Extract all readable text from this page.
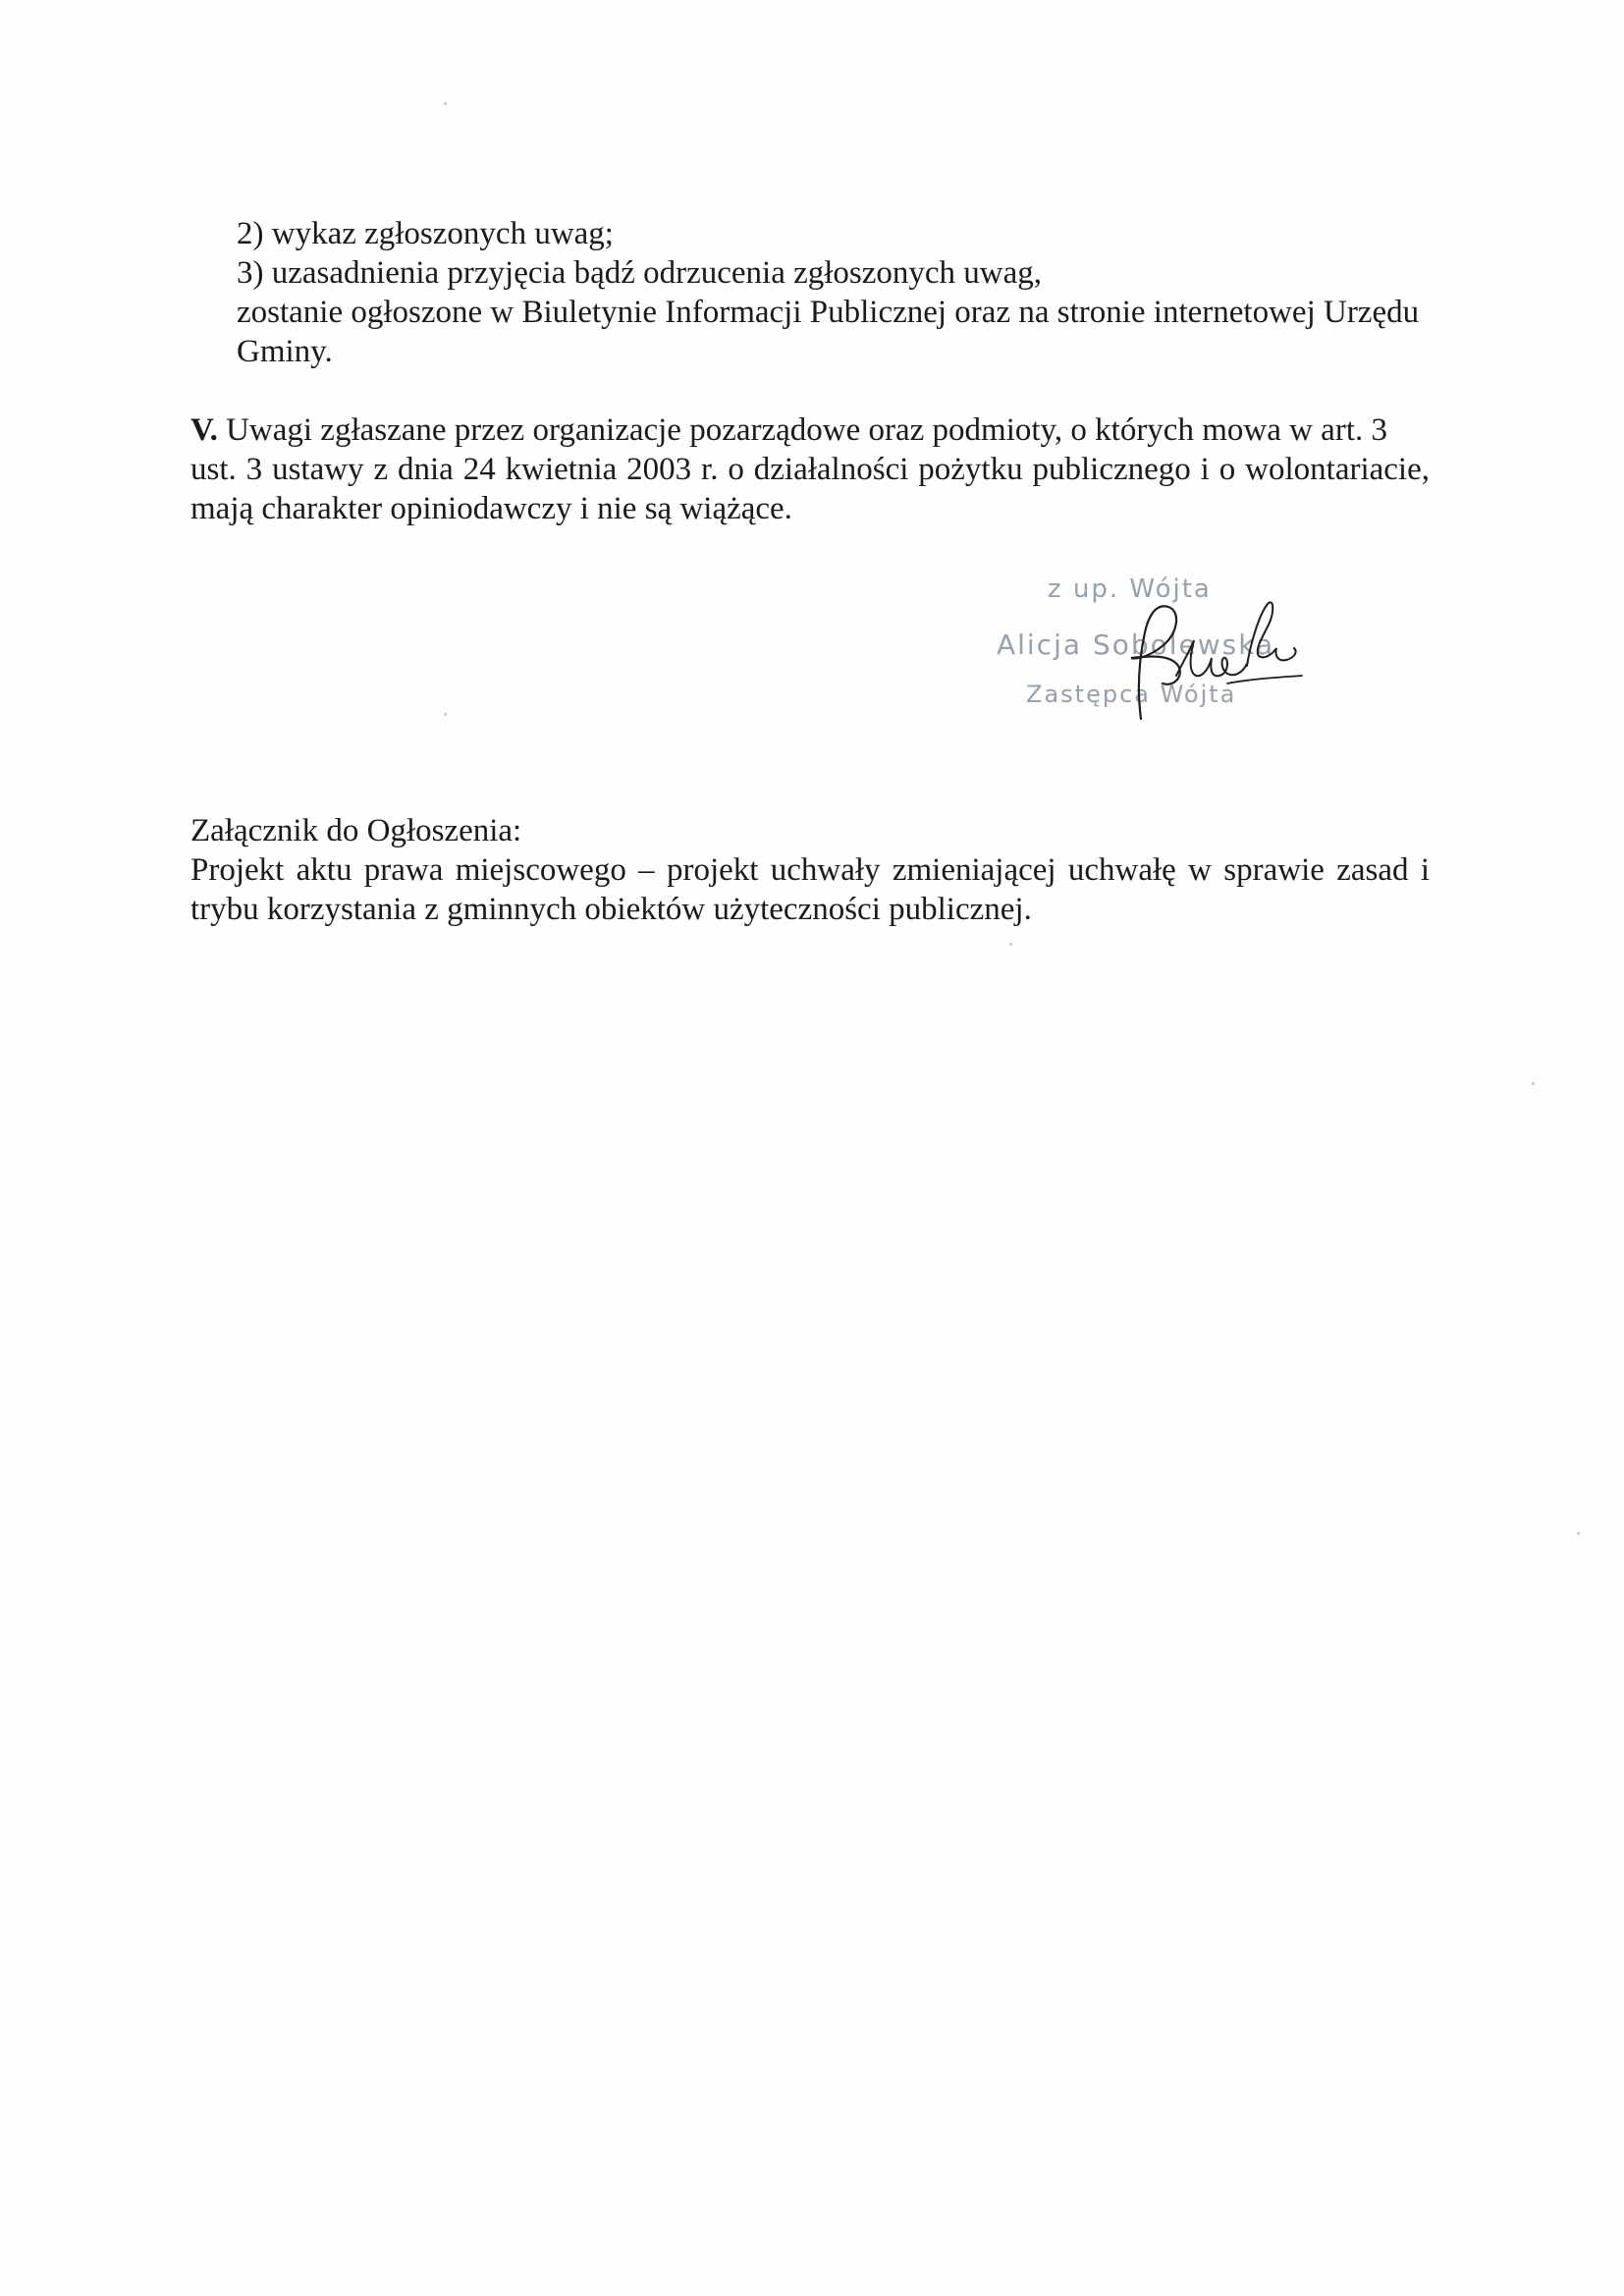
2) wykaz zgłoszonych uwag;
3) uzasadnienia przyjęcia bądź odrzucenia zgłoszonych uwag,
zostanie ogłoszone w Biuletynie Informacji Publicznej oraz na stronie internetowej Urzędu
Gminy.
V. Uwagi zgłaszane przez organizacje pozarządowe oraz podmioty, o których mowa w art. 3
ust. 3 ustawy z dnia 24 kwietnia 2003 r. o działalności pożytku publicznego i o wolontariacie,
mają charakter opiniodawczy i nie są wiążące.
z up. Wójta
Alicja Sobolewska
Zastępca Wójta
Załącznik do Ogłoszenia:
Projekt aktu prawa miejscowego – projekt uchwały zmieniającej uchwałę w sprawie zasad i
trybu korzystania z gminnych obiektów użyteczności publicznej.
